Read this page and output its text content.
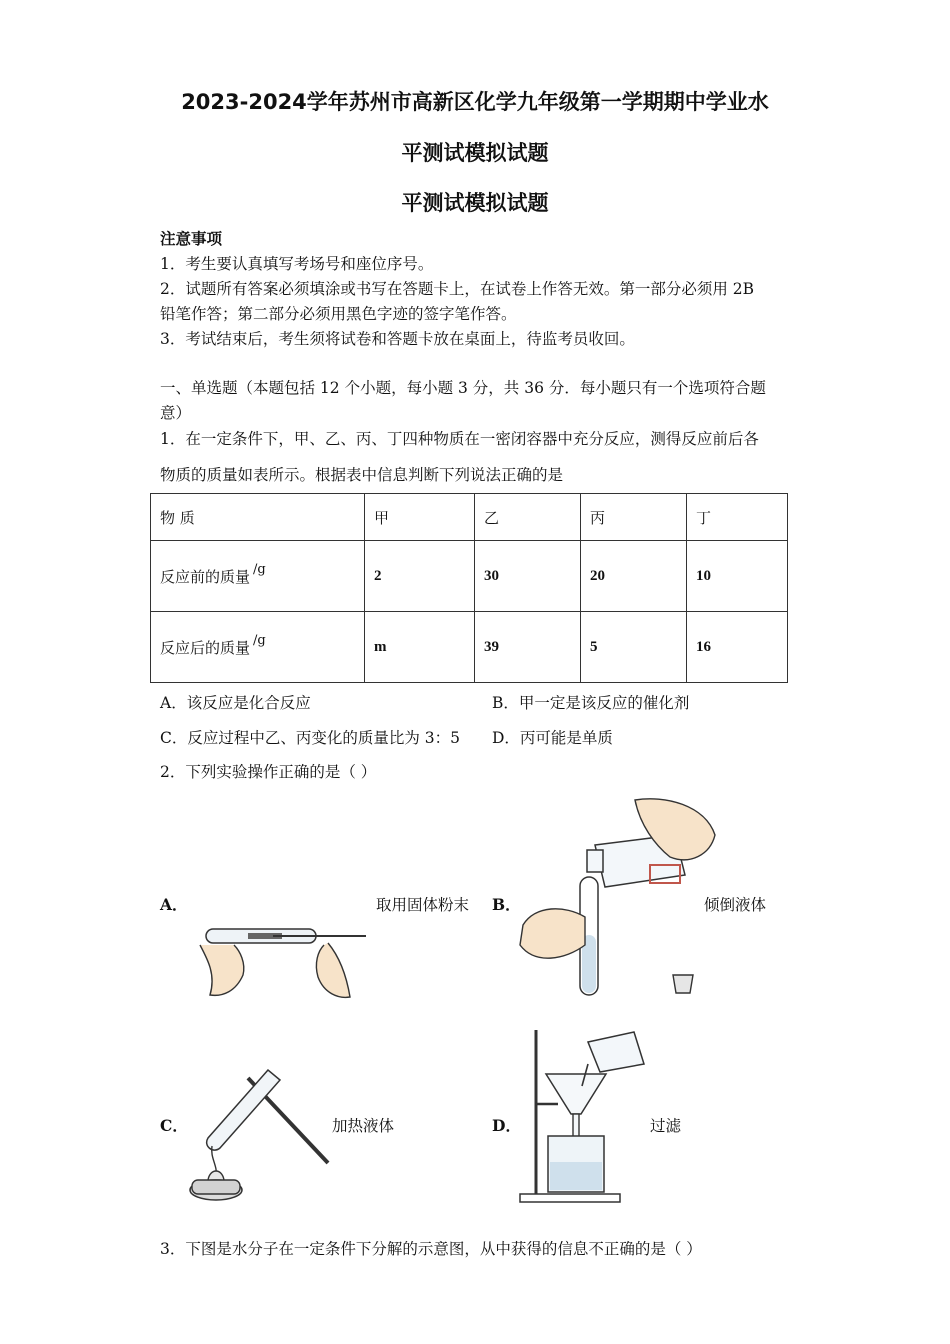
2023-2024学年苏州市高新区化学九年级第一学期期中学业水
平测试模拟试题
平测试模拟试题
注意事项
1．考生要认真填写考场号和座位序号。
2．试题所有答案必须填涂或书写在答题卡上，在试卷上作答无效。第一部分必须用 2B
铅笔作答；第二部分必须用黑色字迹的签字笔作答。
3．考试结束后，考生须将试卷和答题卡放在桌面上，待监考员收回。
一、单选题（本题包括 12 个小题，每小题 3 分，共 36 分．每小题只有一个选项符合题
意）
1．在一定条件下，甲、乙、丙、丁四种物质在一密闭容器中充分反应，测得反应前后各
物质的质量如表所示。根据表中信息判断下列说法正确的是
物 质	甲	乙	丙	丁
反应前的质量 /g	2	30	20	10
反应后的质量 /g	m	39	5	16
A．该反应是化合反应	B．甲一定是该反应的催化剂
C．反应过程中乙、丙变化的质量比为 3：5 D．丙可能是单质
2．下列实验操作正确的是（ ）
A．	取用固体粉末 B．	倾倒液体
C．	加热液体	D．	过滤
3．下图是水分子在一定条件下分解的示意图，从中获得的信息不正确的是（ ）
